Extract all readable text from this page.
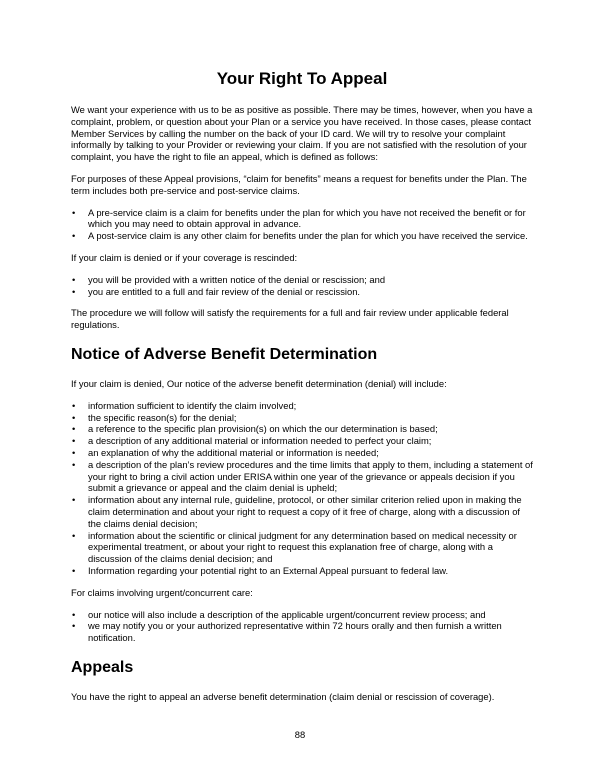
Your Right To Appeal

We want your experience with us to be as positive as possible. There may be times, however, when you have a complaint, problem, or question about your Plan or a service you have received. In those cases, please contact Member Services by calling the number on the back of your ID card. We will try to resolve your complaint informally by talking to your Provider or reviewing your claim. If you are not satisfied with the resolution of your complaint, you have the right to file an appeal, which is defined as follows:

For purposes of these Appeal provisions, “claim for benefits” means a request for benefits under the Plan. The term includes both pre-service and post-service claims.

• A pre-service claim is a claim for benefits under the plan for which you have not received the benefit or for which you may need to obtain approval in advance.
• A post-service claim is any other claim for benefits under the plan for which you have received the service.

If your claim is denied or if your coverage is rescinded:

• you will be provided with a written notice of the denial or rescission; and
• you are entitled to a full and fair review of the denial or rescission.

The procedure we will follow will satisfy the requirements for a full and fair review under applicable federal regulations.

Notice of Adverse Benefit Determination

If your claim is denied, Our notice of the adverse benefit determination (denial) will include:

• information sufficient to identify the claim involved;
• the specific reason(s) for the denial;
• a reference to the specific plan provision(s) on which the our determination is based;
• a description of any additional material or information needed to perfect your claim;
• an explanation of why the additional material or information is needed;
• a description of the plan’s review procedures and the time limits that apply to them, including a statement of your right to bring a civil action under ERISA within one year of the grievance or appeals decision if you submit a grievance or appeal and the claim denial is upheld;
• information about any internal rule, guideline, protocol, or other similar criterion relied upon in making the claim determination and about your right to request a copy of it free of charge, along with a discussion of the claims denial decision;
• information about the scientific or clinical judgment for any determination based on medical necessity or experimental treatment, or about your right to request this explanation free of charge, along with a discussion of the claims denial decision; and
• Information regarding your potential right to an External Appeal pursuant to federal law.

For claims involving urgent/concurrent care:

• our notice will also include a description of the applicable urgent/concurrent review process; and
• we may notify you or your authorized representative within 72 hours orally and then furnish a written notification.
Appeals

You have the right to appeal an adverse benefit determination (claim denial or rescission of coverage).

88
